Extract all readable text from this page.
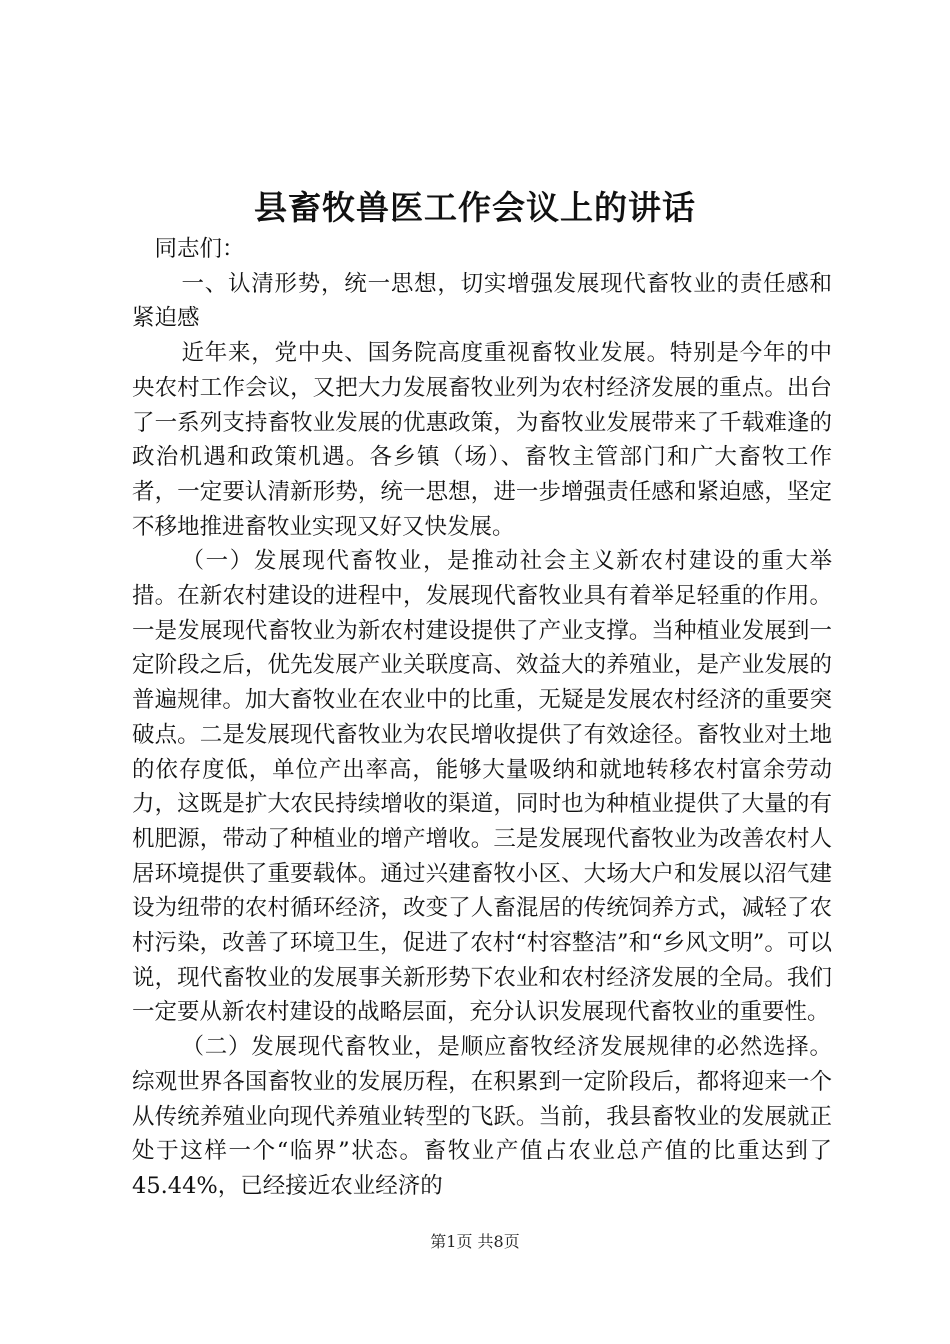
县畜牧兽医工作会议上的讲话

同志们：

一、认清形势，统一思想，切实增强发展现代畜牧业的责任感和紧迫感

近年来，党中央、国务院高度重视畜牧业发展。特别是今年的中央农村工作会议，又把大力发展畜牧业列为农村经济发展的重点。出台了一系列支持畜牧业发展的优惠政策，为畜牧业发展带来了千载难逢的政治机遇和政策机遇。各乡镇（场）、畜牧主管部门和广大畜牧工作者，一定要认清新形势，统一思想，进一步增强责任感和紧迫感，坚定不移地推进畜牧业实现又好又快发展。

（一）发展现代畜牧业，是推动社会主义新农村建设的重大举措。在新农村建设的进程中，发展现代畜牧业具有着举足轻重的作用。一是发展现代畜牧业为新农村建设提供了产业支撑。当种植业发展到一定阶段之后，优先发展产业关联度高、效益大的养殖业，是产业发展的普遍规律。加大畜牧业在农业中的比重，无疑是发展农村经济的重要突破点。二是发展现代畜牧业为农民增收提供了有效途径。畜牧业对土地的依存度低，单位产出率高，能够大量吸纳和就地转移农村富余劳动力，这既是扩大农民持续增收的渠道，同时也为种植业提供了大量的有机肥源，带动了种植业的增产增收。三是发展现代畜牧业为改善农村人居环境提供了重要载体。通过兴建畜牧小区、大场大户和发展以沼气建设为纽带的农村循环经济，改变了人畜混居的传统饲养方式，减轻了农村污染，改善了环境卫生，促进了农村“村容整洁”和“乡风文明”。可以说，现代畜牧业的发展事关新形势下农业和农村经济发展的全局。我们一定要从新农村建设的战略层面，充分认识发展现代畜牧业的重要性。

（二）发展现代畜牧业，是顺应畜牧经济发展规律的必然选择。综观世界各国畜牧业的发展历程，在积累到一定阶段后，都将迎来一个从传统养殖业向现代养殖业转型的飞跃。当前，我县畜牧业的发展就正处于这样一个“临界”状态。畜牧业产值占农业总产值的比重达到了45.44%，已经接近农业经济的

第1页 共8页
